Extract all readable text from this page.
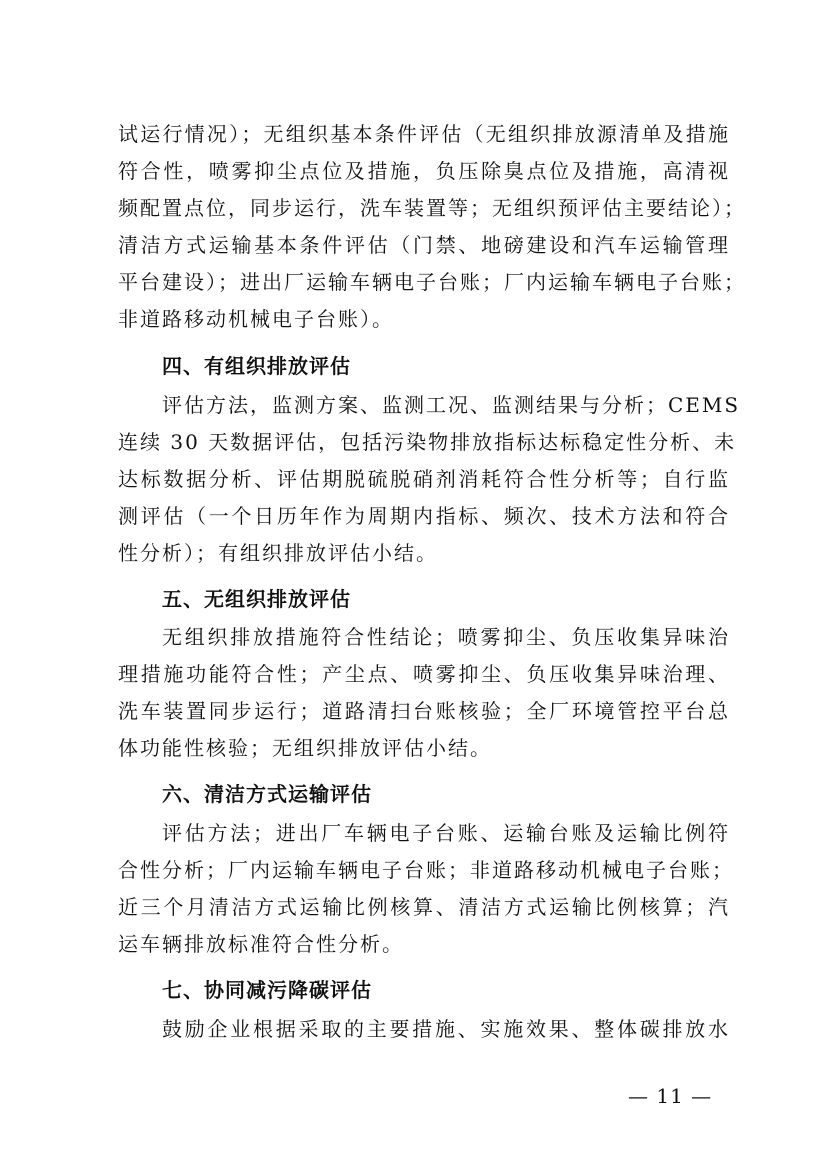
试运行情况）；无组织基本条件评估（无组织排放源清单及措施
符合性，喷雾抑尘点位及措施，负压除臭点位及措施，高清视
频配置点位，同步运行，洗车装置等；无组织预评估主要结论）；
清洁方式运输基本条件评估（门禁、地磅建设和汽车运输管理
平台建设）；进出厂运输车辆电子台账；厂内运输车辆电子台账；
非道路移动机械电子台账）。
四、有组织排放评估
评估方法，监测方案、监测工况、监测结果与分析；CEMS
连续 30 天数据评估，包括污染物排放指标达标稳定性分析、未
达标数据分析、评估期脱硫脱硝剂消耗符合性分析等；自行监
测评估（一个日历年作为周期内指标、频次、技术方法和符合
性分析）；有组织排放评估小结。
五、无组织排放评估
无组织排放措施符合性结论；喷雾抑尘、负压收集异味治
理措施功能符合性；产尘点、喷雾抑尘、负压收集异味治理、
洗车装置同步运行；道路清扫台账核验；全厂环境管控平台总
体功能性核验；无组织排放评估小结。
六、清洁方式运输评估
评估方法；进出厂车辆电子台账、运输台账及运输比例符
合性分析；厂内运输车辆电子台账；非道路移动机械电子台账；
近三个月清洁方式运输比例核算、清洁方式运输比例核算；汽
运车辆排放标准符合性分析。
七、协同减污降碳评估
鼓励企业根据采取的主要措施、实施效果、整体碳排放水
— 11 —
